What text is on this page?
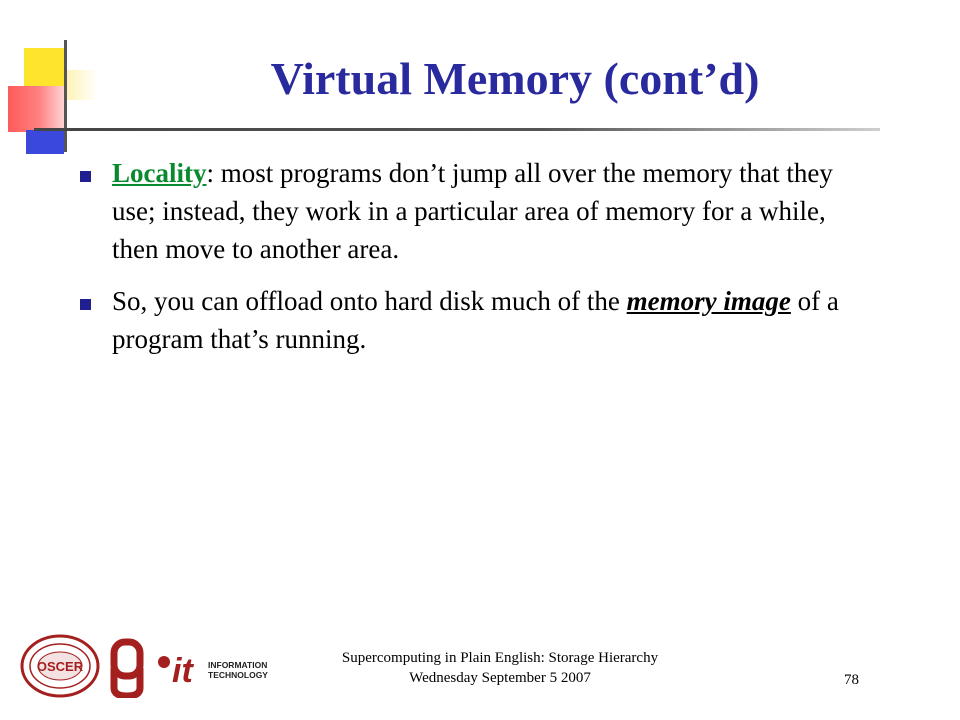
Virtual Memory (cont’d)
Locality: most programs don’t jump all over the memory that they use; instead, they work in a particular area of memory for a while, then move to another area.
So, you can offload onto hard disk much of the memory image of a program that’s running.
OSCER	it INFORMATION
TECHNOLOGY
Supercomputing in Plain English: Storage Hierarchy
Wednesday September 5 2007	78
